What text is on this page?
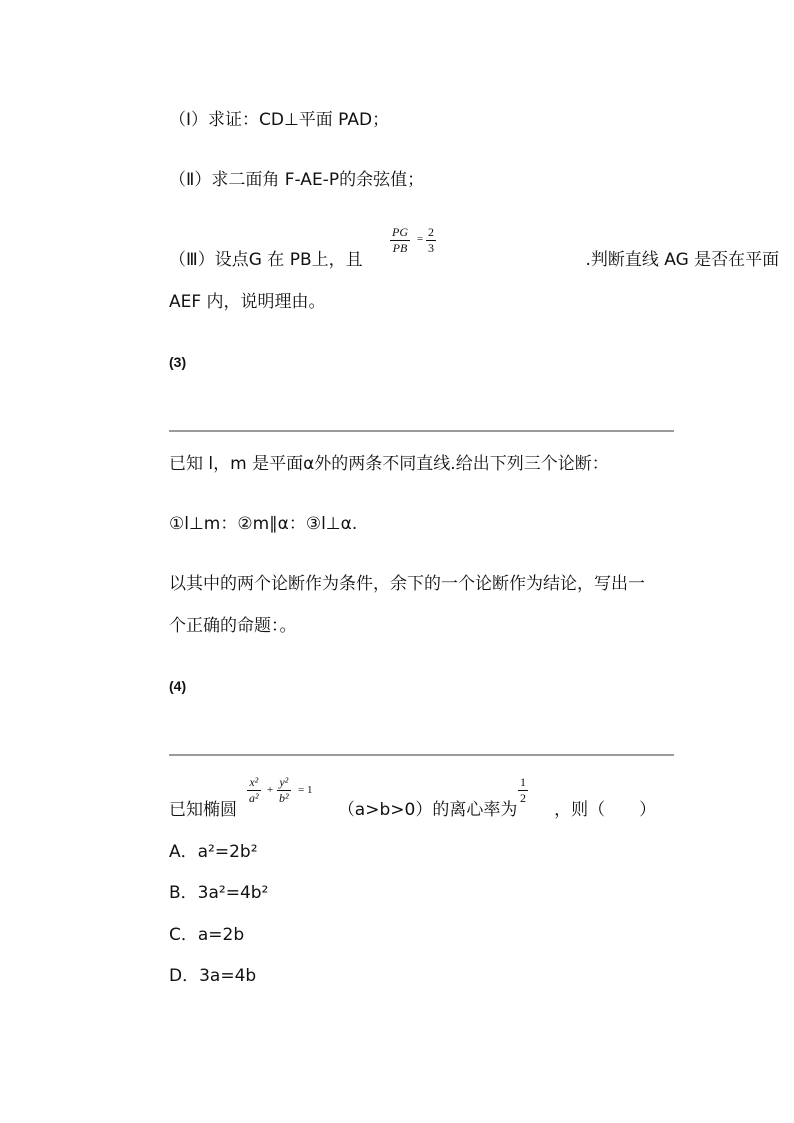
（Ⅰ）求证：CD⊥平面 PAD；
（Ⅱ）求二面角 F-AE-P的余弦值；
（Ⅲ）设点G 在 PB上，且	.判断直线 AG 是否在平面
$\frac{PG}{PB} = \frac{2}{3}$
AEF 内，说明理由。
(3)
已知 l，m 是平面α外的两条不同直线.给出下列三个论断：
①l⊥m：②m∥α：③l⊥α.
以其中的两个论断作为条件，余下的一个论断作为结论，写出一
个正确的命题：。
(4)
已知椭圆	（a>b>0）的离心率为 ，则（　　）
$\frac{\text{x²}}{\text{a²}} + \frac{\text{y²}}{\text{b²}} = 1$	$\frac{1}{2}$
A．a²=2b²
B．3a²=4b²
C．a=2b
D．3a=4b
